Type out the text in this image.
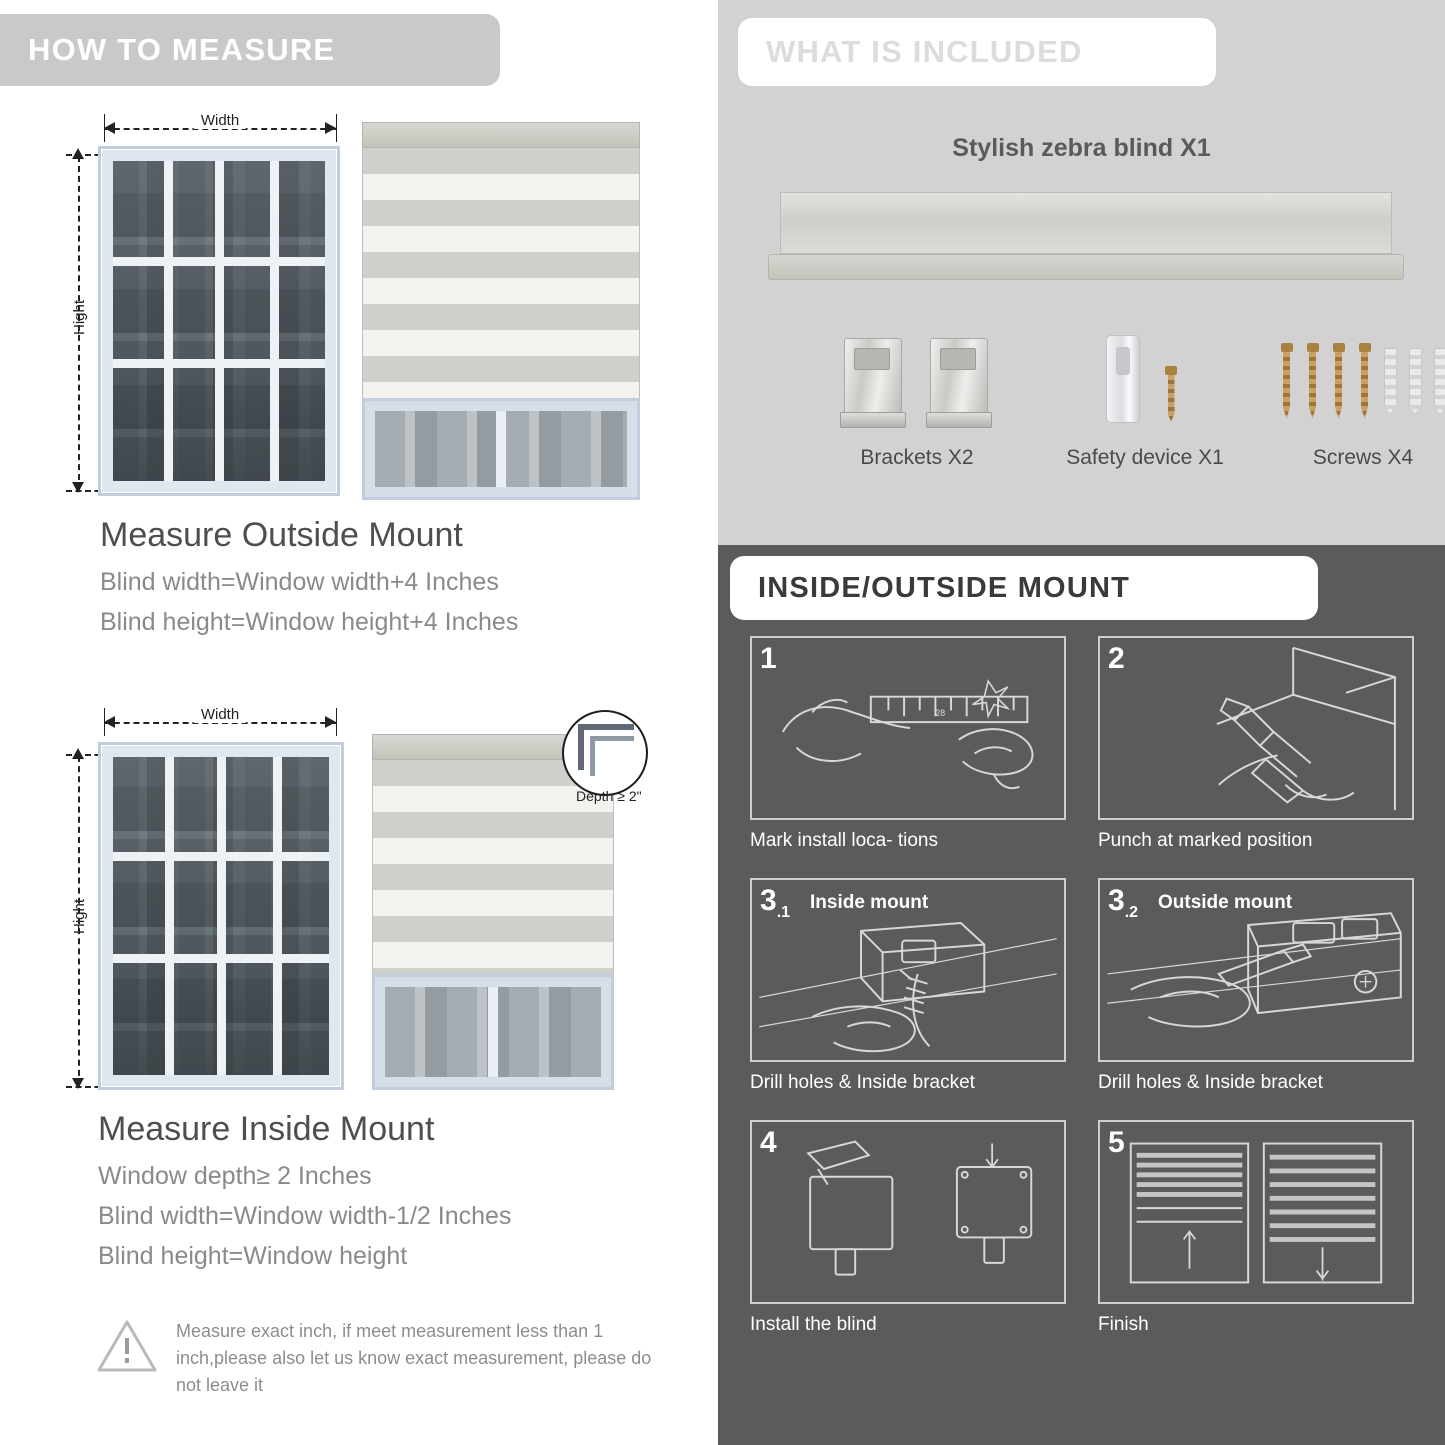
HOW TO MEASURE
Width
Hight
Measure Outside Mount
Blind width=Window width+4 Inches
Blind height=Window height+4 Inches
Width
Hight
Depth ≥ 2"
Measure Inside Mount
Window depth≥ 2 Inches
Blind width=Window width-1/2 Inches
Blind height=Window height
Measure exact inch, if meet measurement less than 1 inch,please also let us know exact measurement, please do not leave it
WHAT IS INCLUDED
Stylish zebra blind X1

Brackets X2	Safety device X1	Screws X4
INSIDE/OUTSIDE MOUNT
1
28
Mark install loca- tions
2
Punch at marked position
$3_{.1}$ Inside mount
Drill holes & Inside bracket
$3_{.2}$ Outside mount
Drill holes & Inside bracket
4
Install the blind
5
Finish
